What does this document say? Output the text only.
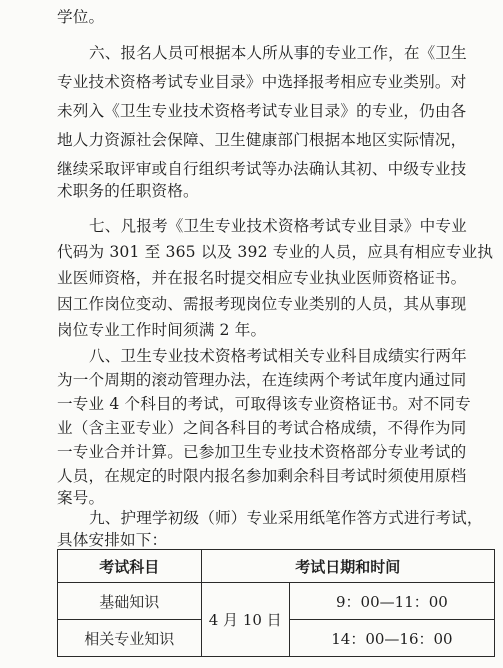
学位。
六、报名人员可根据本人所从事的专业工作，在《卫生
专业技术资格考试专业目录》中选择报考相应专业类别。对
未列入《卫生专业技术资格考试专业目录》的专业，仍由各
地人力资源社会保障、卫生健康部门根据本地区实际情况，
继续采取评审或自行组织考试等办法确认其初、中级专业技
术职务的任职资格。
七、凡报考《卫生专业技术资格考试专业目录》中专业
代码为 301 至 365 以及 392 专业的人员，应具有相应专业执
业医师资格，并在报名时提交相应专业执业医师资格证书。
因工作岗位变动、需报考现岗位专业类别的人员，其从事现
岗位专业工作时间须满 2 年。
八、卫生专业技术资格考试相关专业科目成绩实行两年
为一个周期的滚动管理办法，在连续两个考试年度内通过同
一专业 4 个科目的考试，可取得该专业资格证书。对不同专
业（含主亚专业）之间各科目的考试合格成绩，不得作为同
一专业合并计算。已参加卫生专业技术资格部分专业考试的
人员，在规定的时限内报名参加剩余科目考试时须使用原档
案号。
九、护理学初级（师）专业采用纸笔作答方式进行考试，
具体安排如下：
考试科目	考试日期和时间	
基础知识	4 月 10 日	9：00—11：00
相关专业知识		14：00—16：00
